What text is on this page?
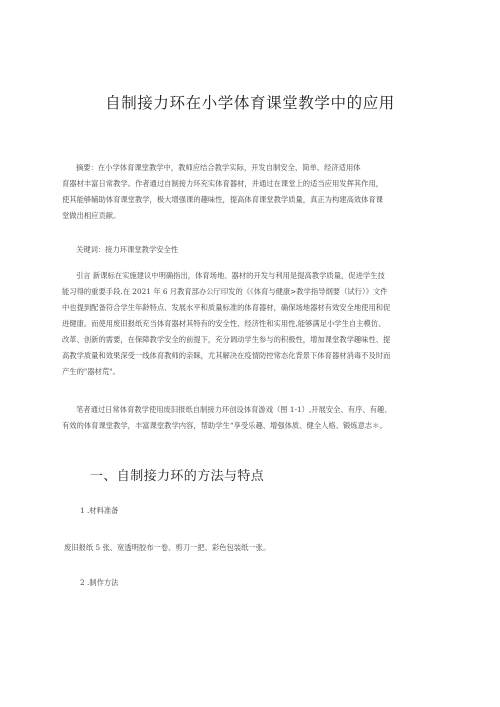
自制接力环在小学体育课堂教学中的应用
摘要：在小学体育课堂教学中，教师应结合教学实际，开发自制安全、简单、经济适用体
育器材丰富日常教学。作者通过自制接力环充实体育器材，并通过在课堂上的适当应用发挥其作用，
使其能够辅助体育课堂教学，极大增强课的趣味性，提高体育课堂教学质量，真正为构建高效体育课
堂做出相应贡献。
关键词：接力环课堂教学安全性
引言 新课标在实施建议中明确指出，体育场地、器材的开发与利用是提高教学质量，促进学生技
能习得的重要手段.在 2021 年 6 月教育部办公厅印发的《《体育与健康>教学指导纲要（试行）》文件
中也提到配备符合学生年龄特点、发展水平和质量标准的体育器材，确保场地器材有效安全地使用和促
进健康。而使用废旧报纸充当体育器材其特有的安全性、经济性和实用性,能够满足小学生自主模仿、
改革、创新的需要，在保障教学安全的前提下，充分调动学生参与的积极性，增加课堂教学趣味性、提
高教学质量和效果深受一线体育教师的亲睐，尤其解决在疫情防控常态化背景下体育器材消毒不及时而
产生的"器材荒"。
笔者通过日常体育教学使用废旧报纸自制接力环创设体育游戏（图 1-1）,开展安全、有序、有趣、
有效的体育课堂教学，丰富课堂教学内容，帮助学生“享受乐趣、增强体质、健全人格、锻炼意志＊。
一、自制接力环的方法与特点
1 .材料准备
废旧报纸 5 张、宽透明胶布一卷、剪刀一把、彩色包装纸一张。
2 .制作方法
